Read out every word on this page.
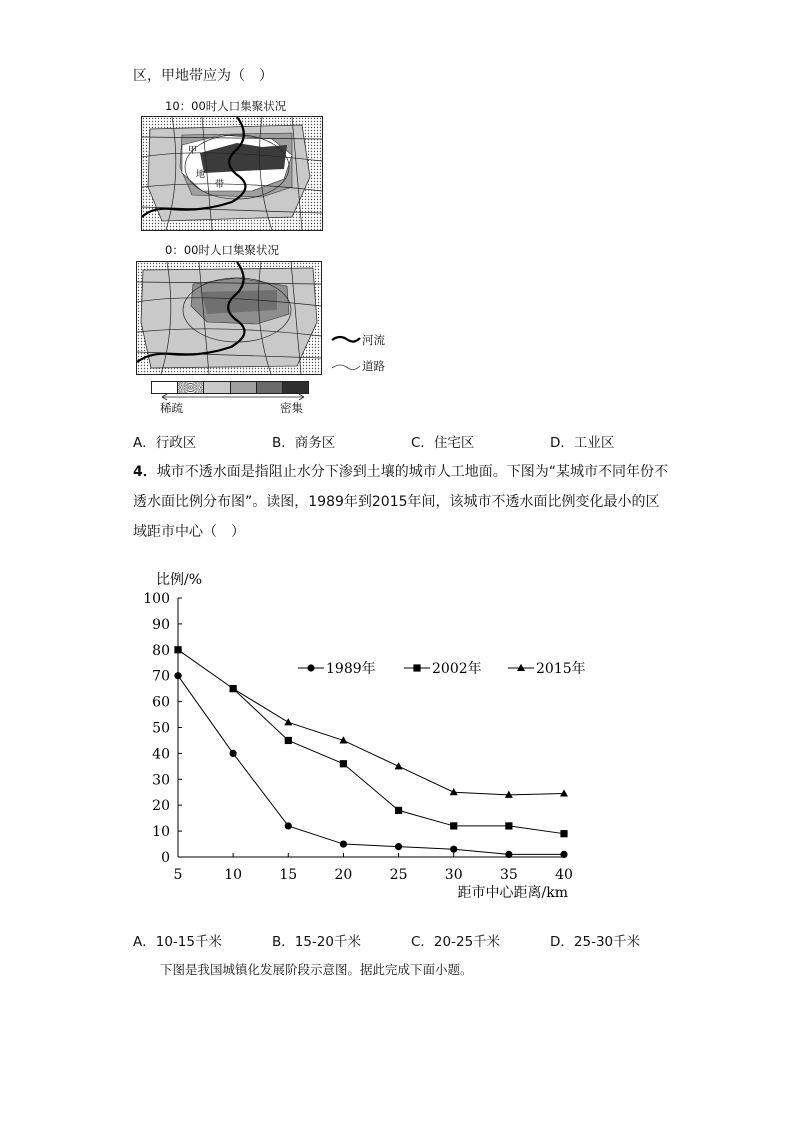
区，甲地带应为（　）
10：00时人口集聚状况
甲
地
带
0：00时人口集聚状况
河流
道路
稀疏	密集
A．行政区	B．商务区	C．住宅区	D．工业区
4．城市不透水面是指阻止水分下渗到土壤的城市人工地面。下图为“某城市不同年份不
透水面比例分布图”。读图，1989年到2015年间，该城市不透水面比例变化最小的区
域距市中心（　）
0
10
20
30
40
50
60
70
80
90
100
5	10	15	20	25	30	35	40
比例/%
距市中心距离/km
1989年	2002年	2015年
A．10-15千米	B．15-20千米	C．20-25千米	D．25-30千米
下图是我国城镇化发展阶段示意图。据此完成下面小题。
